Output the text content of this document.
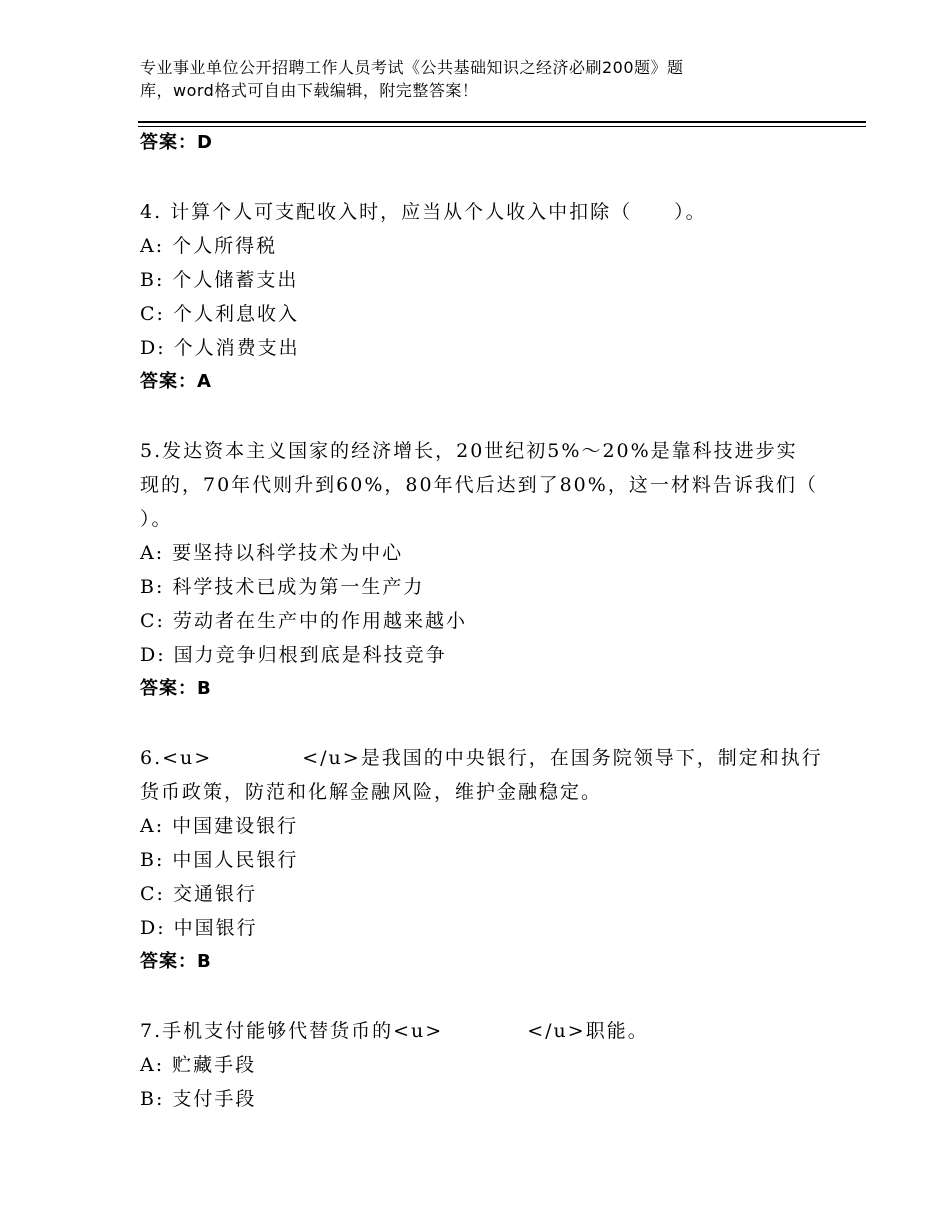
专业事业单位公开招聘工作人员考试《公共基础知识之经济必刷200题》题
库，word格式可自由下载编辑，附完整答案！
答案：D
4. 计算个人可支配收入时，应当从个人收入中扣除（　　）。
A: 个人所得税
B: 个人储蓄支出
C: 个人利息收入
D: 个人消费支出
答案：A
5.发达资本主义国家的经济增长，20世纪初5%～20%是靠科技进步实
现的，70年代则升到60%，80年代后达到了80%，这一材料告诉我们（
）。
A: 要坚持以科学技术为中心
B: 科学技术已成为第一生产力
C: 劳动者在生产中的作用越来越小
D: 国力竞争归根到底是科技竞争
答案：B
6.<u>	</u>是我国的中央银行，在国务院领导下，制定和执行
货币政策，防范和化解金融风险，维护金融稳定。
A: 中国建设银行
B: 中国人民银行
C: 交通银行
D: 中国银行
答案：B
7.手机支付能够代替货币的<u>	</u>职能。
A: 贮藏手段
B: 支付手段
